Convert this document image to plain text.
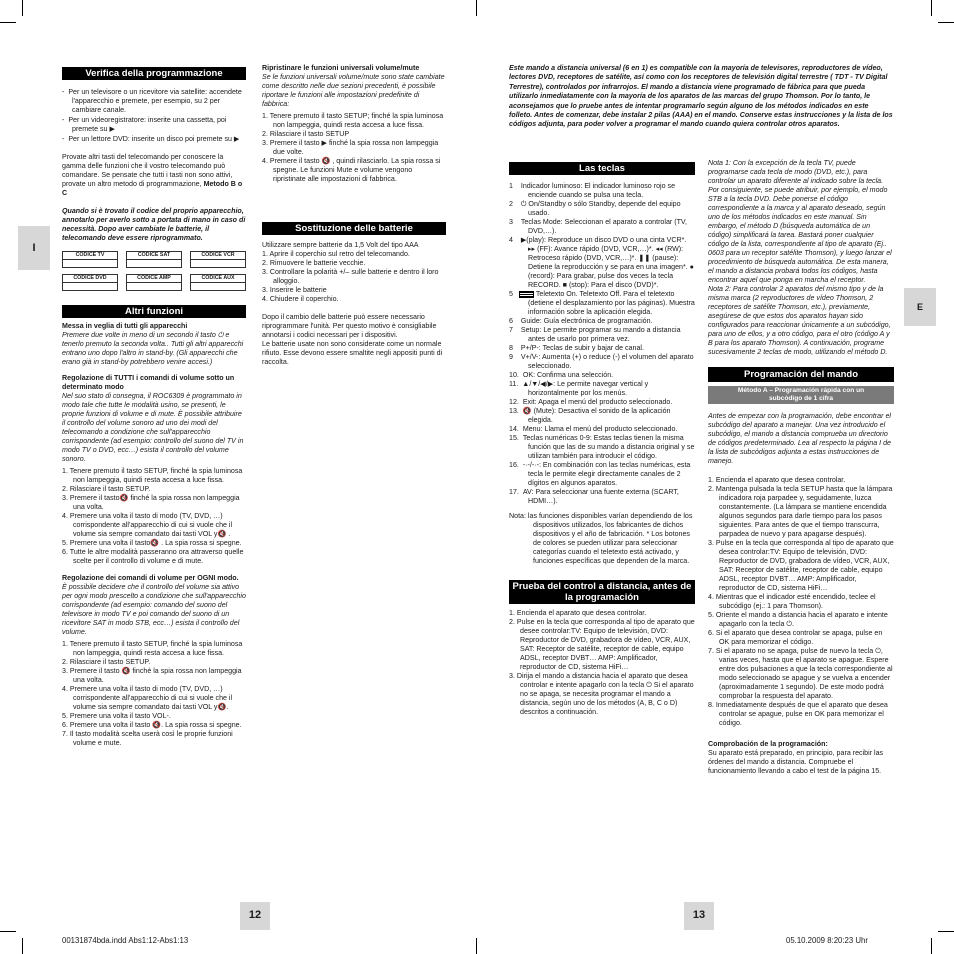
I
E
12	13
00131874bda.indd Abs1:12-Abs1:13	05.10.2009 8:20:23 Uhr
Verifica della programmazione
-  Per un televisore o un ricevitore via satellite: accendete l'apparecchio e premete, per esempio, su 2 per cambiare canale.
-  Per un videoregistratore: inserite una cassetta, poi premete su ▶
-  Per un lettore DVD: inserite un disco poi premete su ▶

Provate altri tasti del telecomando per conoscere la gamma delle funzioni che il vostro telecomando può comandare. Se pensate che tutti i tasti non sono attivi, provate un altro metodo di programmazione, Metodo B o C

Quando si è trovato il codice del proprio apparecchio, annotarlo per averlo sotto a portata di mano in caso di necessità. Dopo aver cambiate le batterie, il telecomando deve essere riprogrammato.

CODICE TV	CODICE SAT	CODICE VCR
CODICE DVD	CODICE AMP	CODICE AUX
Altri funzioni

Messa in veglia di tutti gli apparecchi
Premere due volte in meno di un secondo il tasto ⏻ e tenerlo premuto la seconda volta.. Tutti gli altri apparecchi entrano uno dopo l'altro in stand-by. (Gli apparecchi che erano già in stand-by potrebbero venire accesi.)

Regolazione di TUTTI i comandi di volume sotto un determinato modo
Nel suo stato di consegna, il ROC6309 è programmato in modo tale che tutte le modalità usino, se presenti, le proprie funzioni di volume e di mute. È possibile attribuire il controllo del volume sonoro ad uno dei modi del telecomando a condizione che sull'apparecchio corrispondente (ad esempio: controllo del suono del TV in modo TV o DVD, ecc…) esista il controllo del volume sonoro.

1. Tenere premuto il tasto SETUP, finché la spia luminosa non lampeggia, quindi resta accesa a luce fissa.
2. Rilasciare il tasto SETUP.
3. Premere il tasto🔇 finché la spia rossa non lampeggia una volta.
4. Premere una volta il tasto di modo (TV, DVD, …) corrispondente all'apparecchio di cui si vuole che il volume sia sempre comandato dai tasti VOL y🔇 .
5. Premere una volta il tasto🔇 . La spia rossa si spegne.
6. Tutte le altre modalità passeranno ora attraverso quelle scelte per il controllo di volume e di mute.

Regolazione dei comandi di volume per OGNI modo.
È possibile decidere che il controllo del volume sia attivo per ogni modo prescelto a condizione che sull'apparecchio corrispondente (ad esempio: comando del suono del televisore in modo TV e poi comando del suono di un ricevitore SAT in modo STB, ecc…) esista il controllo del volume.

1. Tenere premuto il tasto SETUP, finché la spia luminosa non lampeggia, quindi resta accesa a luce fissa.
2. Rilasciare il tasto SETUP.
3. Premere il tasto 🔇 finché la spia rossa non lampeggia una volta.
4. Premere una volta il tasto di modo (TV, DVD, …) corrispondente all'apparecchio di cui si vuole che il volume sia sempre comandato dai tasti VOL y🔇.
5. Premere una volta il tasto VOL-.
6. Premere una volta il tasto 🔇. La spia rossa si spegne.
7. Il tasto modalità scelta userà così le proprie funzioni volume e mute.

Ripristinare le funzioni universali volume/mute
Se le funzioni universali volume/mute sono state cambiate come descritto nelle due sezioni precedenti, è possibile riportare le funzioni alle impostazioni predefinite di fabbrica:

1. Tenere premuto il tasto SETUP; finché la spia luminosa non lampeggia, quindi resta accesa a luce fissa.
2. Rilasciare il tasto SETUP
3. Premere il tasto ▶ finché la spia rossa non lampeggia due volte.
4. Premere il tasto 🔇 , quindi rilasciarlo. La spia rossa si spegne. Le funzioni Mute e volume vengono ripristinate alle impostazioni di fabbrica.
Sostituzione delle batterie

Utilizzare sempre batterie da 1,5 Volt del tipo AAA

1. Aprire il coperchio sul retro del telecomando.
2. Rimuovere le batterie vecchie.
3. Controllare la polarità +/– sulle batterie e dentro il loro alloggio.
3. Inserire le batterie
4. Chiudere il coperchio.

Dopo il cambio delle batterie può essere necessario riprogrammare l'unità. Per questo motivo è consigliabile annotarsi i codici necessari per i dispositivi.

Le batterie usate non sono considerate come un normale rifiuto. Esse devono essere smaltite negli appositi punti di raccolta.

Este mando a distancia universal (6 en 1) es compatible con la mayoría de televisores, reproductores de vídeo, lectores DVD, receptores de satélite, así como con los receptores de televisión digital terrestre ( TDT - TV Digital Terrestre), controlados por infrarrojos. El mando a distancia viene programado de fábrica para que pueda utilizarlo inmediatamente con la mayoría de los aparatos de las marcas del grupo Thomson. Por lo tanto, le aconsejamos que lo pruebe antes de intentar programarlo según alguno de los métodos indicados en este folleto. Antes de comenzar, debe instalar 2 pilas (AAA) en el mando. Conserve estas instrucciones y la lista de los códigos adjunta, para poder volver a programar el mando cuando quiera controlar otros aparatos.

Las teclas
1 Indicador luminoso: El indicador luminoso rojo se enciende cuando se pulsa una tecla.
2 ⏻ On/Standby o sólo Standby, depende del equipo usado.
3 Teclas Mode: Seleccionan el aparato a controlar (TV, DVD,…).
4 ▶(play): Reproduce un disco DVD o una cinta VCR*. ▸▸ (FF): Avance rápido (DVD, VCR,…)*. ◂◂ (RW): Retroceso rápido (DVD, VCR,…)*. ❚❚ (pause): Detiene la reproducción y se para en una imagen*. ● (record): Para grabar, pulse dos veces la tecla RECORD. ■ (stop): Para el disco (DVD)*.
5	Teletexto On. Teletexto Off. Para el teletexto (detiene el desplazamiento por las páginas). Muestra información sobre la aplicación elegida.
6 Guide: Guía electrónica de programación.
7 Setup: Le permite programar su mando a distancia antes de usarlo por primera vez.
8 P+/P-: Teclas de subir y bajar de canal.
9 V+/V-: Aumenta (+) o reduce (-) el volumen del aparato seleccionado.
10. OK: Confirma una selección.
11. ▲/▼/◀/▶: Le permite navegar vertical y horizontalmente por los menús.
12. Exit: Apaga el menú del producto seleccionado.
13. 🔇 (Mute): Desactiva el sonido de la aplicación elegida.
14. Menu: Llama el menú del producto seleccionado.
15. Teclas numéricas 0-9: Estas teclas tienen la misma función que las de su mando a distancia original y se utilizan también para introducir el código.
16. -·-/-·-: En combinación con las teclas numéricas, esta tecla le permite elegir directamente canales de 2 dígitos en algunos aparatos.
17. AV: Para seleccionar una fuente externa (SCART, HDMI…).

Nota: las funciones disponibles varían dependiendo de los dispositivos utilizados, los fabricantes de dichos dispositivos y el año de fabricación. * Los botones de colores se pueden utilizar para seleccionar categorías cuando el teletexto está activado, y funciones específicas que dependen de la marca.

Prueba del control a distancia, antes de la programación
1. Encienda el aparato que desea controlar.
2. Pulse en la tecla que corresponda al tipo de aparato que desee controlar:TV: Equipo de televisión, DVD: Reproductor de DVD, grabadora de vídeo, VCR, AUX, SAT: Receptor de satélite, receptor de cable, equipo ADSL, receptor DVBT… AMP: Amplificador, reproductor de CD, sistema HiFi…
3. Dirija el mando a distancia hacia el aparato que desea controlar e intente apagarlo con la tecla ⏻ Si el aparato no se apaga, se necesita programar el mando a distancia, según uno de los métodos (A, B, C o D) descritos a continuación.

Nota 1: Con la excepción de la tecla TV, puede programarse cada tecla de modo (DVD, etc.), para controlar un aparato diferente al indicado sobre la tecla. Por consiguiente, se puede atribuir, por ejemplo, el modo STB a la tecla DVD. Debe ponerse el código correspondiente a la marca y al aparato deseado, según uno de los métodos indicados en este manual. Sin embargo, el método D (búsqueda automática de un código) simplificará la tarea. Bastará poner cualquier código de la lista, correspondiente al tipo de aparato (Ej.. 0603 para un receptor satélite Thomson), y luego lanzar el procedimiento de búsqueda automática. De esta manera, el mando a distancia probará todos los códigos, hasta encontrar aquel que ponga en marcha el receptor.

Nota 2: Para controlar 2 aparatos del mismo tipo y de la misma marca (2 reproductores de vídeo Thomson, 2 receptores de satélite Thomson, etc.), previamente, asegúrese de que estos dos aparatos hayan sido configurados para reaccionar únicamente a un subcódigo, para uno de ellos, y a otro código, para el otro (código A y B para los aparato Thomson). A continuación, programe sucesivamente 2 teclas de modo, utilizando el método D.

Programación del mando
Método A – Programación rápida con un subcódigo de 1 cifra

Antes de empezar con la programación, debe encontrar el subcódigo del aparato a manejar. Una vez introducido el subcódigo, el mando a distancia comprueba un directorio de códigos predeterminado. Lea al respecto la página I de la lista de subcódigos adjunta a estas instrucciones de manejo.

1. Encienda el aparato que desea controlar.
2. Mantenga pulsada la tecla SETUP hasta que la lámpara indicadora roja parpadee y, seguidamente, luzca constantemente. (La lámpara se mantiene encendida algunos segundos para darle tiempo para los pasos siguientes. Para antes de que el tiempo transcurra, parpadea de nuevo y para apagarse después).
3. Pulse en la tecla que corresponda al tipo de aparato que desea controlar:TV: Equipo de televisión, DVD: Reproductor de DVD, grabadora de vídeo, VCR, AUX, SAT: Receptor de satélite, receptor de cable, equipo ADSL, receptor DVBT… AMP: Amplificador, reproductor de CD, sistema HiFi…
4. Mientras que el indicador esté encendido, teclee el subcódigo (ej.: 1 para Thomson).
5. Oriente el mando a distancia hacia el aparato e intente apagarlo con la tecla ⏻.
6. Si el aparato que desea controlar se apaga, pulse en OK para memorizar el código.
7. Si el aparato no se apaga, pulse de nuevo la tecla ⏻, varias veces, hasta que el aparato se apague. Espere entre dos pulsaciones a que la tecla correspondiente al modo seleccionado se apague y se vuelva a encender (aproximadamente 1 segundo). De este modo podrá comprobar la respuesta del aparato.
8. Inmediatamente después de que el aparato que desea controlar se apague, pulse en OK para memorizar el código.

Comprobación de la programación:
Su aparato está preparado, en principio, para recibir las órdenes del mando a distancia. Compruebe el funcionamiento llevando a cabo el test de la página 15.
